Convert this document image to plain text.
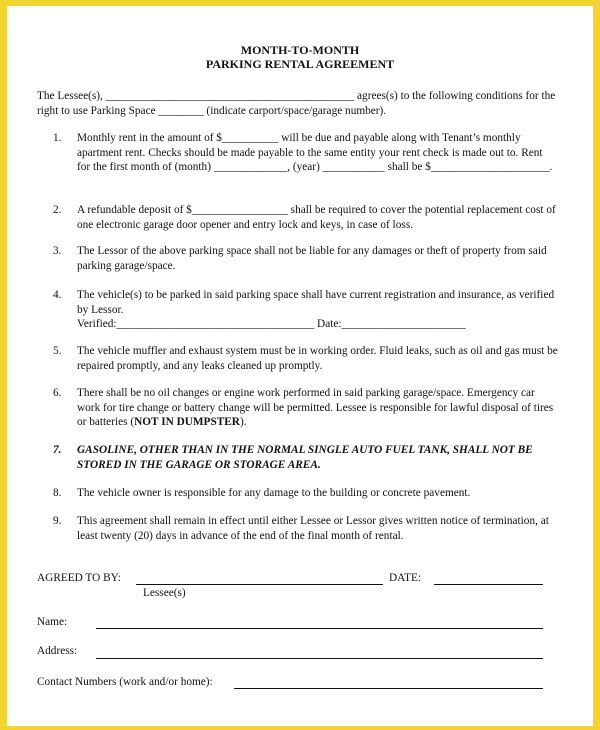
MONTH-TO-MONTH
PARKING RENTAL AGREEMENT
The Lessee(s), ____________________________________________ agrees(s) to the following conditions for the right to use Parking Space ________ (indicate carport/space/garage number).
1.	Monthly rent in the amount of $__________ will be due and payable along with Tenant’s monthly apartment rent. Checks should be made payable to the same entity your rent check is made out to. Rent for the first month of (month) _____________, (year) ___________ shall be $_____________________.
2.	A refundable deposit of $_________________ shall be required to cover the potential replacement cost of one electronic garage door opener and entry lock and keys, in case of loss.
3.	The Lessor of the above parking space shall not be liable for any damages or theft of property from said parking garage/space.
4.	The vehicle(s) to be parked in said parking space shall have current registration and insurance, as verified by Lessor.
Verified:___________________________________ Date:______________________
5.	The vehicle muffler and exhaust system must be in working order. Fluid leaks, such as oil and gas must be repaired promptly, and any leaks cleaned up promptly.
6.	There shall be no oil changes or engine work performed in said parking garage/space. Emergency car work for tire change or battery change will be permitted. Lessee is responsible for lawful disposal of tires or batteries (NOT IN DUMPSTER).
7.	GASOLINE, OTHER THAN IN THE NORMAL SINGLE AUTO FUEL TANK, SHALL NOT BE STORED IN THE GARAGE OR STORAGE AREA.
8.	The vehicle owner is responsible for any damage to the building or concrete pavement.
9.	This agreement shall remain in effect until either Lessee or Lessor gives written notice of termination, at least twenty (20) days in advance of the end of the final month of rental.
AGREED TO BY:	DATE:
Lessee(s)
Name:
Address:
Contact Numbers (work and/or home):
